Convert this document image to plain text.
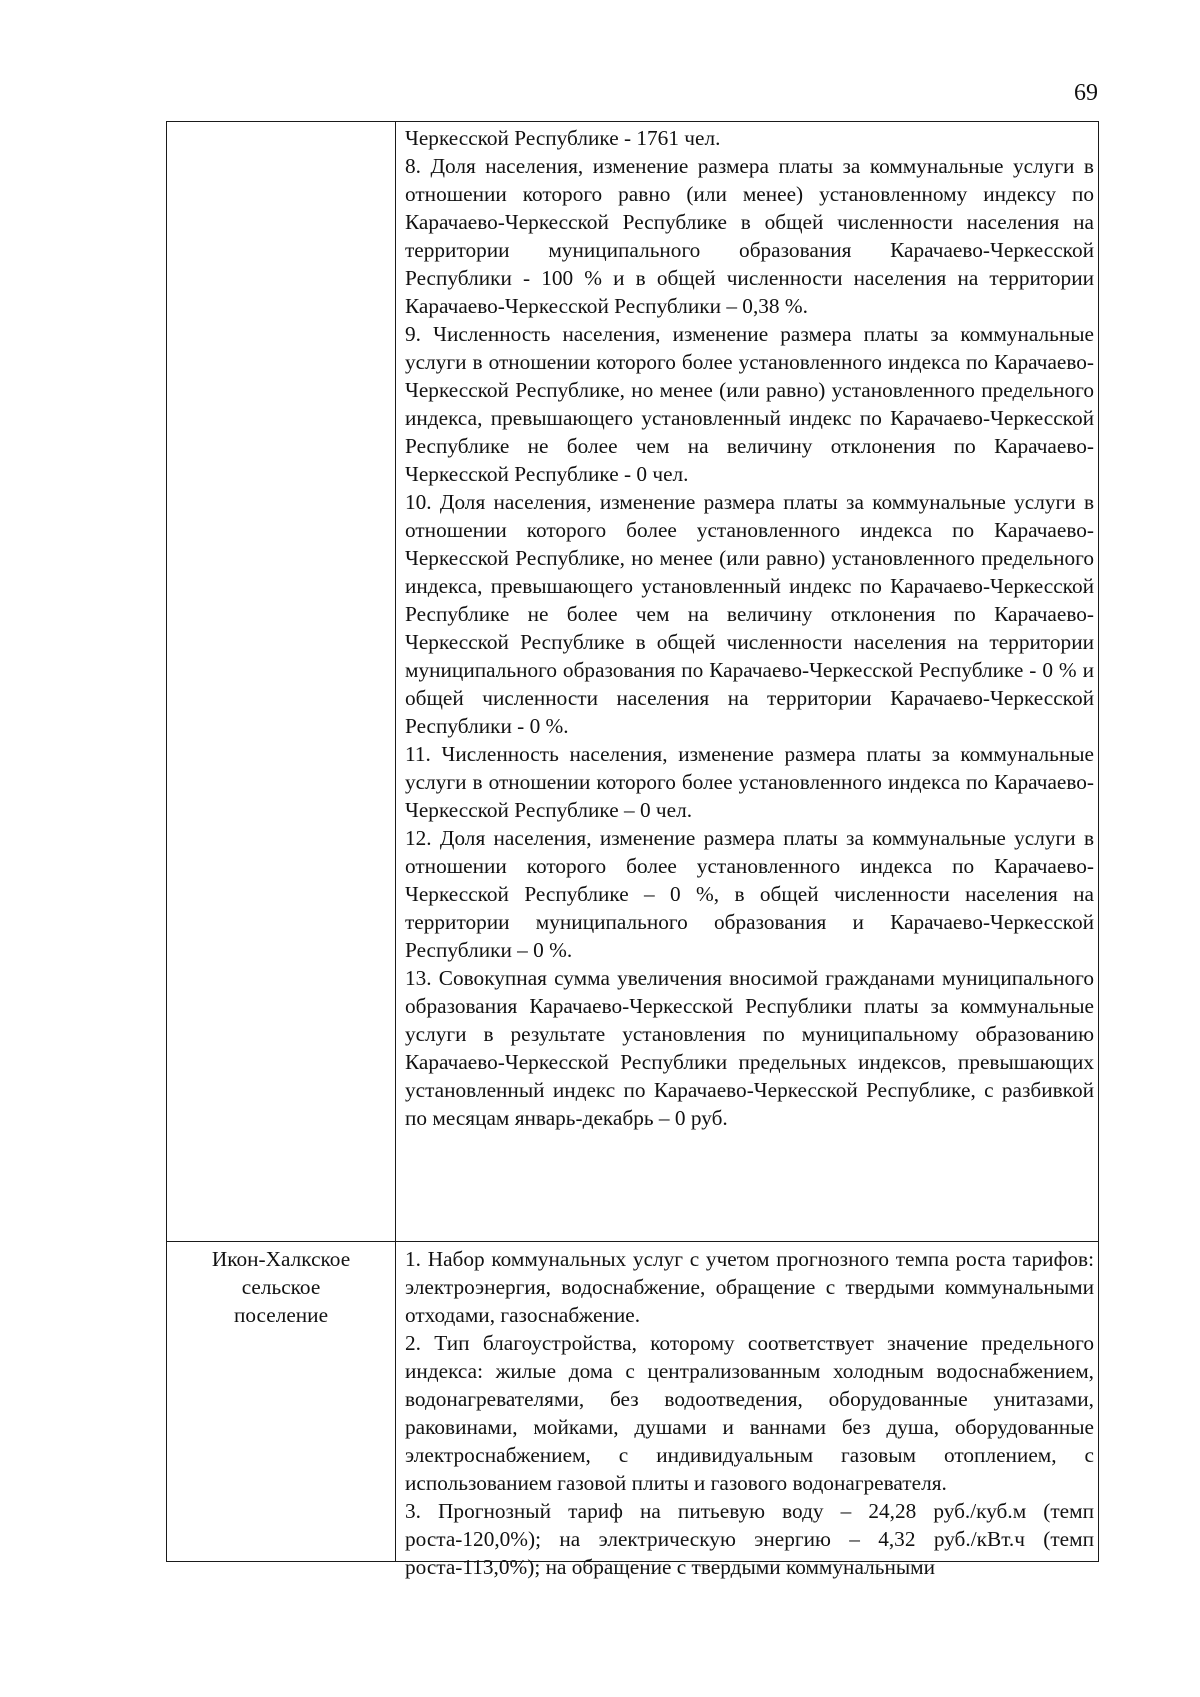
69

Черкесской Республике - 1761 чел.

8. Доля населения, изменение размера платы за коммунальные услуги в отношении которого равно (или менее) установленному индексу по Карачаево-Черкесской Республике в общей численности населения на территории муниципального образования Карачаево-Черкесской Республики - 100 % и в общей численности населения на территории Карачаево-Черкесской Республики – 0,38 %.

9. Численность населения, изменение размера платы за коммунальные услуги в отношении которого более установленного индекса по Карачаево-Черкесской Республике, но менее (или равно) установленного предельного индекса, превышающего установленный индекс по Карачаево-Черкесской Республике не более чем на величину отклонения по Карачаево-Черкесской Республике - 0 чел.

10. Доля населения, изменение размера платы за коммунальные услуги в отношении которого более установленного индекса по Карачаево-Черкесской Республике, но менее (или равно) установленного предельного индекса, превышающего установленный индекс по Карачаево-Черкесской Республике не более чем на величину отклонения по Карачаево-Черкесской Республике в общей численности населения на территории муниципального образования по Карачаево-Черкесской Республике - 0 % и общей численности населения на территории Карачаево-Черкесской Республики - 0 %.

11. Численность населения, изменение размера платы за коммунальные услуги в отношении которого более установленного индекса по Карачаево-Черкесской Республике – 0 чел.

12. Доля населения, изменение размера платы за коммунальные услуги в отношении которого более установленного индекса по Карачаево-Черкесской Республике – 0 %, в общей численности населения на территории муниципального образования и Карачаево-Черкесской Республики – 0 %.

13. Совокупная сумма увеличения вносимой гражданами муниципального образования Карачаево-Черкесской Республики платы за коммунальные услуги в результате установления по муниципальному образованию Карачаево-Черкесской Республики предельных индексов, превышающих установленный индекс по Карачаево-Черкесской Республике, с разбивкой по месяцам январь-декабрь – 0 руб.

Икон-Халкское
сельское
поселение

1. Набор коммунальных услуг с учетом прогнозного темпа роста тарифов: электроэнергия, водоснабжение, обращение с твердыми коммунальными отходами, газоснабжение.

2. Тип благоустройства, которому соответствует значение предельного индекса: жилые дома с централизованным холодным водоснабжением, водонагревателями, без водоотведения, оборудованные унитазами, раковинами, мойками, душами и ваннами без душа, оборудованные электроснабжением, с индивидуальным газовым отоплением, с использованием газовой плиты и газового водонагревателя.

3. Прогнозный тариф на питьевую воду – 24,28 руб./куб.м (темп роста-120,0%); на электрическую энергию – 4,32 руб./кВт.ч (темп роста-113,0%); на обращение с твердыми коммунальными
